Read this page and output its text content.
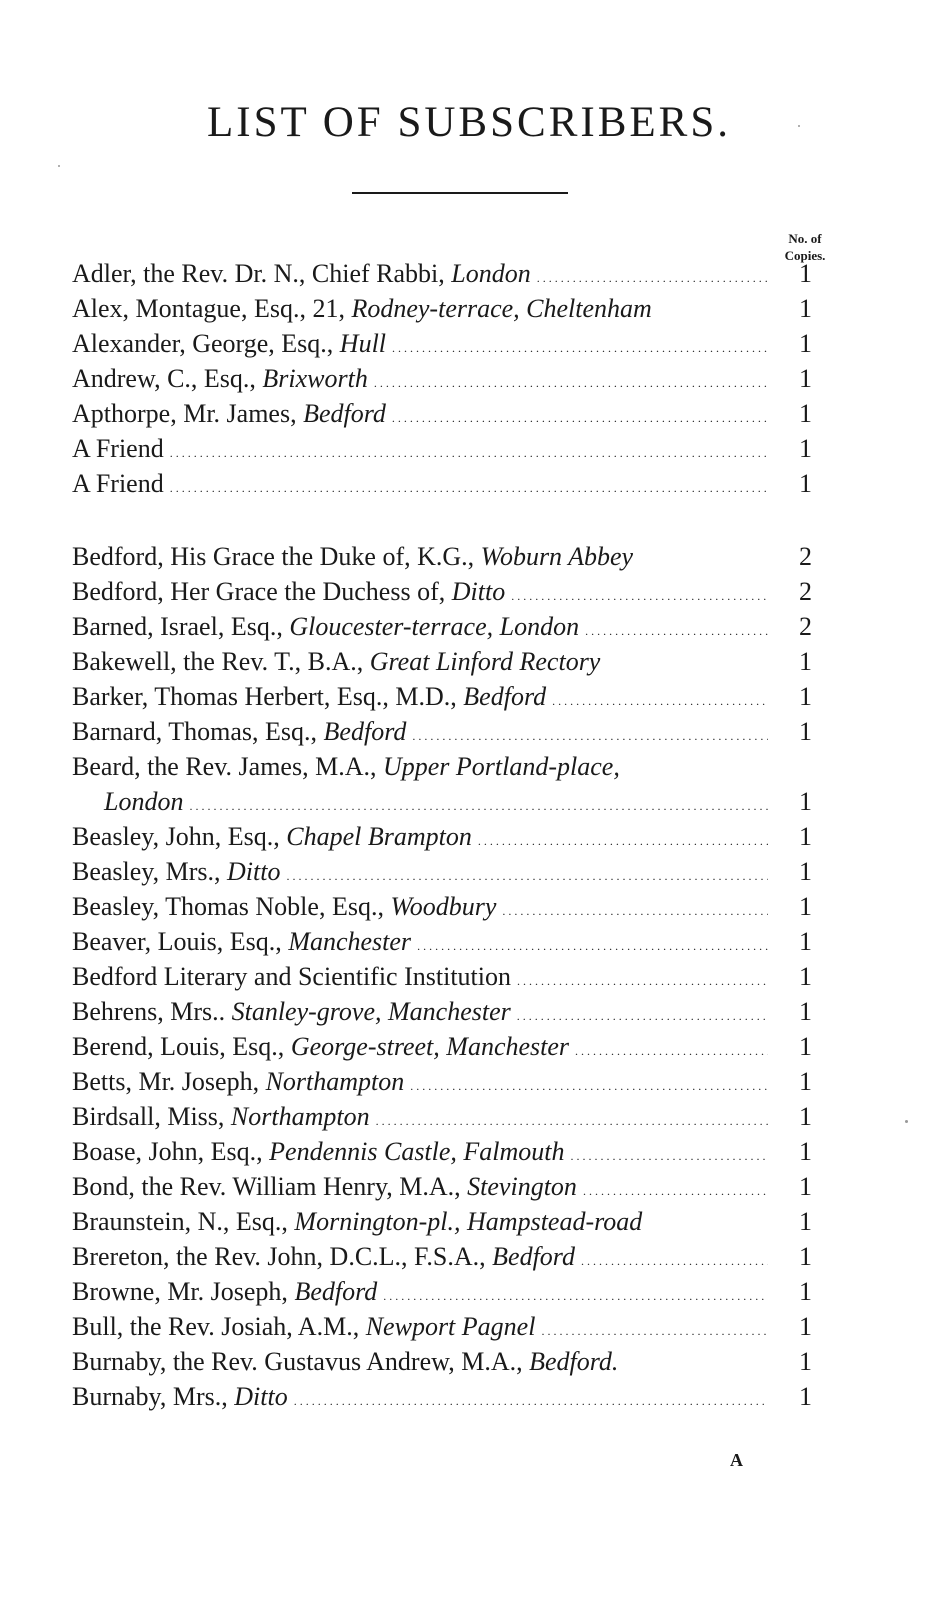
LIST OF SUBSCRIBERS.
No. of
Copies.
Adler, the Rev. Dr. N., Chief Rabbi, London . . .	1
Alex, Montague, Esq., 21, Rodney-terrace, Cheltenham	1
Alexander, George, Esq., Hull . . .	1
Andrew, C., Esq., Brixworth . . .	1
Apthorpe, Mr. James, Bedford . . .	1
A Friend . . .	1
A Friend . . .	1
Bedford, His Grace the Duke of, K.G., Woburn Abbey	2
Bedford, Her Grace the Duchess of, Ditto . . .	2
Barned, Israel, Esq., Gloucester-terrace, London . . .	2
Bakewell, the Rev. T., B.A., Great Linford Rectory	1
Barker, Thomas Herbert, Esq., M.D., Bedford . . .	1
Barnard, Thomas, Esq., Bedford . . .	1
Beard, the Rev. James, M.A., Upper Portland-place,
London . . .	1
Beasley, John, Esq., Chapel Brampton . . .	1
Beasley, Mrs., Ditto . . .	1
Beasley, Thomas Noble, Esq., Woodbury . . .	1
Beaver, Louis, Esq., Manchester . . .	1
Bedford Literary and Scientific Institution . . .	1
Behrens, Mrs.. Stanley-grove, Manchester . . .	1
Berend, Louis, Esq., George-street, Manchester . . .	1
Betts, Mr. Joseph, Northampton . . .	1
Birdsall, Miss, Northampton . . .	1
Boase, John, Esq., Pendennis Castle, Falmouth . . .	1
Bond, the Rev. William Henry, M.A., Stevington . . .	1
Braunstein, N., Esq., Mornington-pl., Hampstead-road	1
Brereton, the Rev. John, D.C.L., F.S.A., Bedford . . .	1
Browne, Mr. Joseph, Bedford . . .	1
Bull, the Rev. Josiah, A.M., Newport Pagnel . . .	1
Burnaby, the Rev. Gustavus Andrew, M.A., Bedford.	1
Burnaby, Mrs., Ditto . . .	1
A
